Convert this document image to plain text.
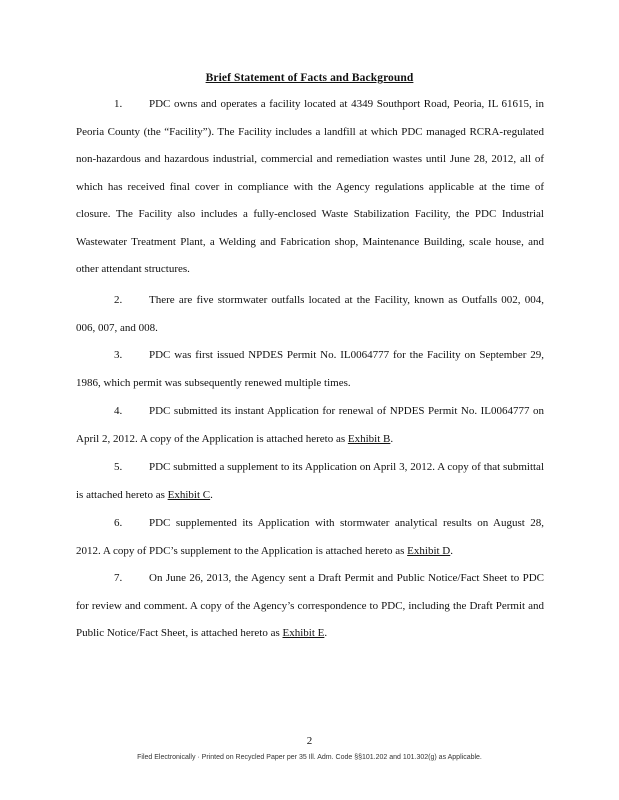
Brief Statement of Facts and Background

1. PDC owns and operates a facility located at 4349 Southport Road, Peoria, IL 61615, in Peoria County (the “Facility”). The Facility includes a landfill at which PDC managed RCRA-regulated non-hazardous and hazardous industrial, commercial and remediation wastes until June 28, 2012, all of which has received final cover in compliance with the Agency regulations applicable at the time of closure. The Facility also includes a fully-enclosed Waste Stabilization Facility, the PDC Industrial Wastewater Treatment Plant, a Welding and Fabrication shop, Maintenance Building, scale house, and other attendant structures.

2. There are five stormwater outfalls located at the Facility, known as Outfalls 002, 004, 006, 007, and 008.

3. PDC was first issued NPDES Permit No. IL0064777 for the Facility on September 29, 1986, which permit was subsequently renewed multiple times.

4. PDC submitted its instant Application for renewal of NPDES Permit No. IL0064777 on April 2, 2012. A copy of the Application is attached hereto as Exhibit B.

5. PDC submitted a supplement to its Application on April 3, 2012. A copy of that submittal is attached hereto as Exhibit C.

6. PDC supplemented its Application with stormwater analytical results on August 28, 2012. A copy of PDC’s supplement to the Application is attached hereto as Exhibit D.

7. On June 26, 2013, the Agency sent a Draft Permit and Public Notice/Fact Sheet to PDC for review and comment. A copy of the Agency’s correspondence to PDC, including the Draft Permit and Public Notice/Fact Sheet, is attached hereto as Exhibit E.

2
Filed Electronically · Printed on Recycled Paper per 35 Ill. Adm. Code §§101.202 and 101.302(g) as Applicable.
